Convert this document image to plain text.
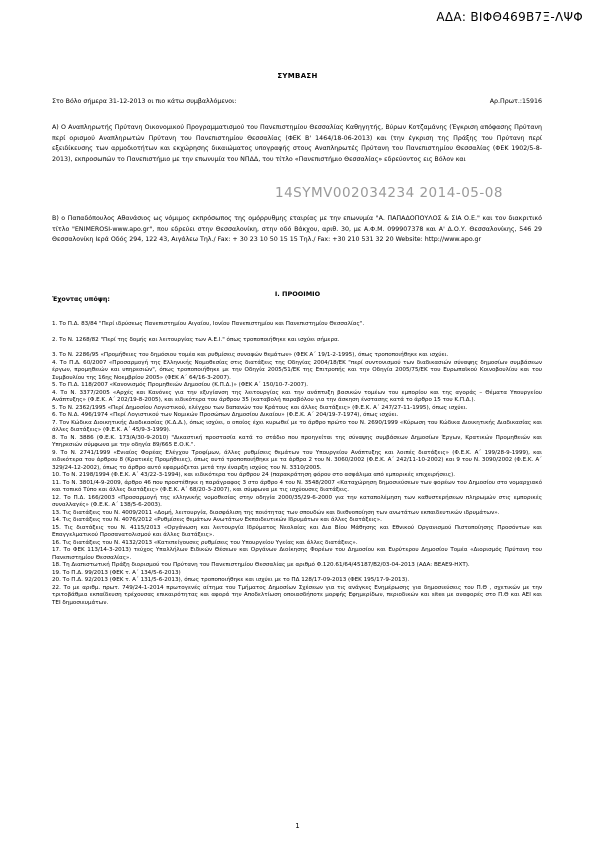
ΑΔΑ: ΒΙΦΘ469Β7Ξ-ΛΨΦ
ΣΥΜΒΑΣΗ
Στο Βόλο σήμερα 31-12-2013 οι πιο κάτω συμβαλλόμενοι:	Αρ.Πρωτ.:15916
Α) Ο Αναπληρωτής Πρύτανη Οικονομικού Προγραμματισμού του Πανεπιστημίου Θεσσαλίας Καθηγητής, Βύρων Κοτζαμάνης (Έγκριση απόφασης Πρύτανη περί ορισμού Αναπληρωτών Πρύτανη του Πανεπιστημίου Θεσσαλίας (ΦΕΚ Β' 1464/18-06-2013) και (την έγκριση της Πράξης του Πρύτανη περί εξειδίκευσης των αρμοδιοτήτων και εκχώρησης δικαιώματος υπογραφής στους Αναπληρωτές Πρύτανη του Πανεπιστημίου Θεσσαλίας (ΦΕΚ 1902/5-8-2013), εκπροσωπών το Πανεπιστήμιο με την επωνυμία του ΝΠΔΔ, του τίτλο «Πανεπιστήμιο Θεσσαλίας» εδρεύοντος εις Βόλον και
14SYMV002034234 2014-05-08
Β) ο Παπαδόπουλος Αθανάσιος ως νόμιμος εκπρόσωπος της ομόρρυθμης εταιρίας με την επωνυμία "Α. ΠΑΠΑΔΟΠΟΥΛΟΣ & ΣΙΑ Ο.Ε." και τον διακριτικό τίτλο "ENIMEROSI-www.apo.gr", που εδρεύει στην Θεσσαλονίκη, στην οδό Βάκχου, αριθ. 30, με Α.Φ.Μ. 099907378 και Α' Δ.Ο.Υ. Θεσσαλονίκης, 546 29 Θεσσαλονίκη Ιερά Οδός 294, 122 43, Αιγάλεω Τηλ./ Fax: + 30 23 10 50 15 15 Τηλ./ Fax: +30 210 531 32 20 Website: http://www.apo.gr
Ι. ΠΡΟΟΙΜΙΟ
Έχοντας υπόψη:

1. Το Π.Δ. 83/84 "Περί ιδρύσεως Πανεπιστημίου Αιγαίου, Ιονίου Πανεπιστημίου και Πανεπιστημίου Θεσσαλίας".

2. Το Ν. 1268/82 "Περί της δομής και λειτουργίας των Α.Ε.Ι." όπως τροποποιήθηκε και ισχύει σήμερα.

3. Το Ν. 2286/95 «Προμήθειες του δημόσιου τομέα και ρυθμίσεις συναφών θεμάτων» (ΦΕΚ Α΄ 19/1-2-1995), όπως τροποποιήθηκε και ισχύει.

4. Το Π.Δ. 60/2007 «Προσαρμογή της Ελληνικής Νομοθεσίας στις διατάξεις της Οδηγίας 2004/18/ΕΚ "περί συντονισμού των διαδικασιών σύναψης δημοσίων συμβάσεων έργων, προμηθειών και υπηρεσιών", όπως τροποποιήθηκε με την Οδηγία 2005/51/ΕΚ της Επιτροπής και την Οδηγία 2005/75/ΕΚ του Ευρωπαϊκού Κοινοβουλίου και του Συμβουλίου της 16ης Νοεμβρίου 2005» (ΦΕΚ Α΄ 64/16-3-2007).

5. Το Π.Δ. 118/2007 «Κανονισμός Προμηθειών Δημοσίου (Κ.Π.Δ.)» (ΦΕΚ Α΄ 150/10-7-2007).

4. Το Ν. 3377/2005 «Αρχές και Κανόνες για την εξυγίανση της λειτουργίας και την ανάπτυξη βασικών τομέων του εμπορίου και της αγοράς – Θέματα Υπουργείου Ανάπτυξης» (Φ.Ε.Κ. Α΄ 202/19-8-2005), και ειδικότερα του άρθρου 35 (καταβολή παραβόλου για την άσκηση ένστασης κατά το άρθρο 15 του Κ.Π.Δ.).

5. Το Ν. 2362/1995 «Περί Δημοσίου Λογιστικού, ελέγχου των δαπανών του Κράτους και άλλες διατάξεις» (Φ.Ε.Κ. Α΄ 247/27-11-1995), όπως ισχύει.

6. Το Ν.Δ. 496/1974 «Περί Λογιστικού των Νομικών Προσώπων Δημοσίου Δικαίου» (Φ.Ε.Κ. Α΄ 204/19-7-1974), όπως ισχύει.

7. Τον Κώδικα Διοικητικής Διαδικασίας (Κ.Δ.Δ.), όπως ισχύει, ο οποίος έχει κυρωθεί με το άρθρο πρώτο του Ν. 2690/1999 «Κύρωση του Κώδικα Διοικητικής Διαδικασίας και άλλες διατάξεις» (Φ.Ε.Κ. Α΄ 45/9-3-1999).

8. Το Ν. 3886 (Φ.Ε.Κ. 173/Α/30-9-2010) "Δικαστική προστασία κατά το στάδιο που προηγείται της σύναψης συμβάσεων Δημοσίων Έργων, Κρατικών Προμηθειών και Υπηρεσιών σύμφωνα με την οδηγία 89/665 Ε.Ο.Κ.".

9. Το Ν. 2741/1999 «Ενιαίος Φορέας Ελέγχου Τροφίμων, άλλες ρυθμίσεις θεμάτων του Υπουργείου Ανάπτυξης και λοιπές διατάξεις» (Φ.Ε.Κ. Α΄ 199/28-9-1999), και ειδικότερα του άρθρου 8 (Κρατικές Προμήθειες), όπως αυτό τροποποιήθηκε με τα άρθρα 2 του Ν. 3060/2002 (Φ.Ε.Κ. Α΄ 242/11-10-2002) και 9 του Ν. 3090/2002 (Φ.Ε.Κ. Α΄ 329/24-12-2002), όπως το άρθρο αυτό εφαρμόζεται μετά την έναρξη ισχύος του Ν. 3310/2005.

10. Το Ν. 2198/1994 (Φ.Ε.Κ. Α΄ 43/22-3-1994), και ειδικότερα του άρθρου 24 (παρακράτηση φόρου στο ασφάλιμα από εμπορικές επιχειρήσεις).

11. Το Ν. 3801/4-9-2009, άρθρο 46 που προστέθηκε η παράγραφος 3 στο άρθρο 4 του Ν. 3548/2007 «Καταχώρηση δημοσιεύσεων των φορέων του Δημοσίου στο νομαρχιακό και τοπικό Τύπο και άλλες διατάξεις» (Φ.Ε.Κ. Α΄ 68/20-3-2007), και σύμφωνα με τις ισχύουσες διατάξεις.

12. Το Π.Δ. 166/2003 «Προσαρμογή της ελληνικής νομοθεσίας στην οδηγία 2000/35/29-6-2000 για την καταπολέμηση των καθυστερήσεων πληρωμών στις εμπορικές συναλλαγές» (Φ.Ε.Κ. Α΄ 138/5-6-2003).

13. Τις διατάξεις του Ν. 4009/2011 «Δομή, λειτουργία, διασφάλιση της ποιότητας των σπουδών και διεθνοποίηση των ανωτάτων εκπαιδευτικών ιδρυμάτων».

14. Τις διατάξεις του Ν. 4076/2012 «Ρυθμίσεις θεμάτων Ανωτάτων Εκπαιδευτικών Ιδρυμάτων και άλλες διατάξεις».

15. Τις διατάξεις του Ν. 4115/2013 «Οργάνωση και λειτουργία Ιδρύματος Νεολαίας και Δια Βίου Μάθησης και Εθνικού Οργανισμού Πιστοποίησης Προσόντων και Επαγγελματικού Προσανατολισμού και άλλες διατάξεις».

16. Τις διατάξεις του Ν. 4132/2013 «Κατεπείγουσες ρυθμίσεις του Υπουργείου Υγείας και άλλες διατάξεις».

17. Το ΦΕΚ 113/14-3-2013) τεύχος Υπαλλήλων Ειδικών Θέσεων και Οργάνων Διοίκησης Φορέων του Δημοσίου και Ευρύτερου Δημοσίου Τομέα «Διορισμός Πρύτανη του Πανεπιστημίου Θεσσαλίας».

18. Τη Διαπιστωτική Πράξη διορισμού του Πρύτανη του Πανεπιστημίου Θεσσαλίας με αριθμό Φ.120.61/64/45187/Β2/03-04-2013 (ΑΔΑ: ΒΕΑΕ9-ΗΧΤ).

19. Το Π.Δ. 99/2013 (ΦΕΚ τ. Α΄ 134/5-6-2013)

20. Το Π.Δ. 92/2013 (ΦΕΚ τ. Α΄ 131/5-6-2013), όπως τροποποιήθηκε και ισχύει με το ΠΔ 128/17-09-2013 (ΦΕΚ 195/17-9-2013).

22. Το με αριθμ. πρωτ. 749/24-1-2014 πρωτογενές αίτημα του Τμήματος Δημοσίων Σχέσεων για τις ανάγκες Ενημέρωσης για δημοσιεύσεις του Π.Θ , σχετικών με την τριτοβάθμια εκπαίδευση τρέχουσας επικαιρότητας και αφορά την Αποδελτίωση οποιασδήποτε μορφής Εφημερίδων, περιοδικών και sites με αναφορές στο Π.Θ και ΑΕΙ και ΤΕΙ δημοσιευμάτων.

1
